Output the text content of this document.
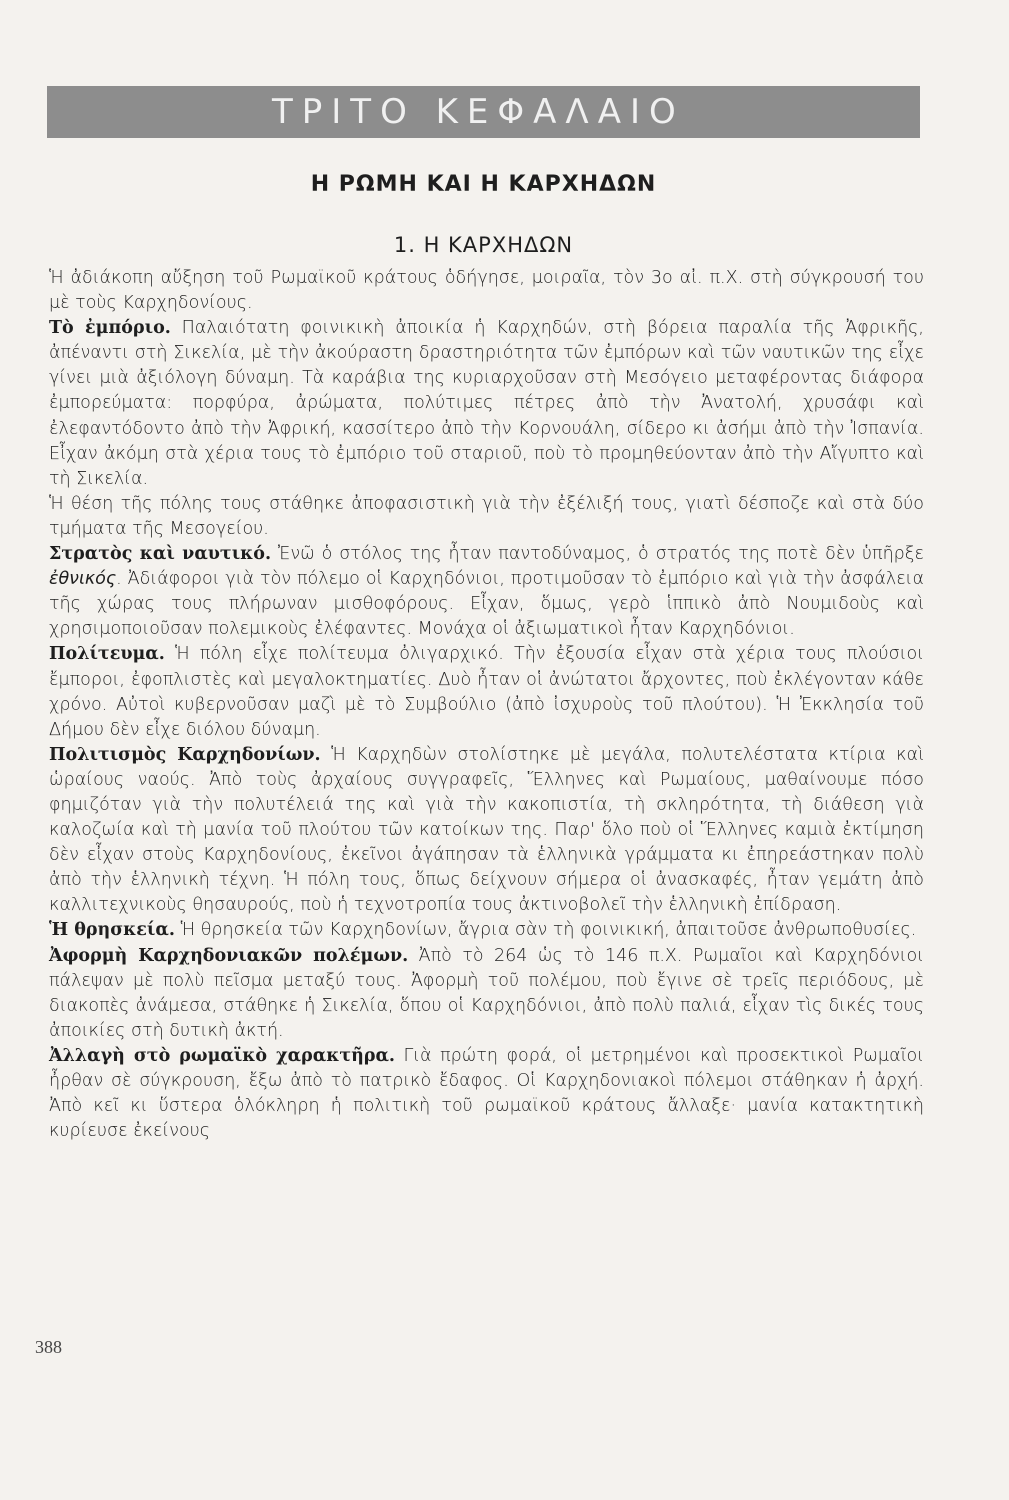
ΤΡΙΤΟ ΚΕΦΑΛΑΙΟ
Η ΡΩΜΗ ΚΑΙ Η ΚΑΡΧΗΔΩΝ
1. Η ΚΑΡΧΗΔΩΝ

Ἡ ἀδιάκοπη αὔξηση τοῦ Ρωμαϊκοῦ κράτους ὁδήγησε, μοιραῖα, τὸν 3ο αἰ. π.Χ. στὴ σύγκρουσή του μὲ τοὺς Καρχηδονίους.

Τὸ ἐμπόριο. Παλαιότατη φοινικικὴ ἀποικία ἡ Καρχηδών, στὴ βόρεια παραλία τῆς Ἀφρικῆς, ἀπέναντι στὴ Σικελία, μὲ τὴν ἀκούραστη δραστηριότητα τῶν ἐμπόρων καὶ τῶν ναυτικῶν της εἶχε γίνει μιὰ ἀξιόλογη δύναμη. Τὰ καράβια της κυριαρχοῦσαν στὴ Μεσόγειο μεταφέροντας διάφορα ἐμπορεύματα: πορφύρα, ἀρώματα, πολύτιμες πέτρες ἀπὸ τὴν Ἀνατολή, χρυσάφι καὶ ἐλεφαντόδοντο ἀπὸ τὴν Ἀφρική, κασσίτερο ἀπὸ τὴν Κορνουάλη, σίδερο κι ἀσήμι ἀπὸ τὴν Ἰσπανία. Εἶχαν ἀκόμη στὰ χέρια τους τὸ ἐμπόριο τοῦ σταριοῦ, ποὺ τὸ προμηθεύονταν ἀπὸ τὴν Αἴγυπτο καὶ τὴ Σικελία.

Ἡ θέση τῆς πόλης τους στάθηκε ἀποφασιστικὴ γιὰ τὴν ἐξέλιξή τους, γιατὶ δέσποζε καὶ στὰ δύο τμήματα τῆς Μεσογείου.

Στρατὸς καὶ ναυτικό. Ἐνῶ ὁ στόλος της ἦταν παντοδύναμος, ὁ στρατός της ποτὲ δὲν ὑπῆρξε ἐθνικός. Ἀδιάφοροι γιὰ τὸν πόλεμο οἱ Καρχηδόνιοι, προτιμοῦσαν τὸ ἐμπόριο καὶ γιὰ τὴν ἀσφάλεια τῆς χώρας τους πλήρωναν μισθοφόρους. Εἶχαν, ὅμως, γερὸ ἱππικὸ ἀπὸ Νουμιδοὺς καὶ χρησιμοποιοῦσαν πολεμικοὺς ἐλέφαντες. Μονάχα οἱ ἀξιωματικοὶ ἦταν Καρχηδόνιοι.

Πολίτευμα. Ἡ πόλη εἶχε πολίτευμα ὀλιγαρχικό. Τὴν ἐξουσία εἶχαν στὰ χέρια τους πλούσιοι ἔμποροι, ἐφοπλιστὲς καὶ μεγαλοκτηματίες. Δυὸ ἦταν οἱ ἀνώτατοι ἄρχοντες, ποὺ ἐκλέγονταν κάθε χρόνο. Αὐτοὶ κυβερνοῦσαν μαζὶ μὲ τὸ Συμβούλιο (ἀπὸ ἰσχυροὺς τοῦ πλούτου). Ἡ Ἐκκλησία τοῦ Δήμου δὲν εἶχε διόλου δύναμη.

Πολιτισμὸς Καρχηδονίων. Ἡ Καρχηδὼν στολίστηκε μὲ μεγάλα, πολυτελέστατα κτίρια καὶ ὡραίους ναούς. Ἀπὸ τοὺς ἀρχαίους συγγραφεῖς, Ἕλληνες καὶ Ρωμαίους, μαθαίνουμε πόσο φημιζόταν γιὰ τὴν πολυτέλειά της καὶ γιὰ τὴν κακοπιστία, τὴ σκληρότητα, τὴ διάθεση γιὰ καλοζωία καὶ τὴ μανία τοῦ πλούτου τῶν κατοίκων της. Παρ' ὅλο ποὺ οἱ Ἕλληνες καμιὰ ἐκτίμηση δὲν εἶχαν στοὺς Καρχηδονίους, ἐκεῖνοι ἀγάπησαν τὰ ἑλληνικὰ γράμματα κι ἐπηρεάστηκαν πολὺ ἀπὸ τὴν ἑλληνικὴ τέχνη. Ἡ πόλη τους, ὅπως δείχνουν σήμερα οἱ ἀνασκαφές, ἦταν γεμάτη ἀπὸ καλλιτεχνικοὺς θησαυρούς, ποὺ ἡ τεχνοτροπία τους ἀκτινοβολεῖ τὴν ἑλληνικὴ ἐπίδραση.

Ἡ θρησκεία. Ἡ θρησκεία τῶν Καρχηδονίων, ἄγρια σὰν τὴ φοινικική, ἀπαιτοῦσε ἀνθρωποθυσίες.

Ἀφορμὴ Καρχηδονιακῶν πολέμων. Ἀπὸ τὸ 264 ὡς τὸ 146 π.Χ. Ρωμαῖοι καὶ Καρχηδόνιοι πάλεψαν μὲ πολὺ πεῖσμα μεταξύ τους. Ἀφορμὴ τοῦ πολέμου, ποὺ ἔγινε σὲ τρεῖς περιόδους, μὲ διακοπὲς ἀνάμεσα, στάθηκε ἡ Σικελία, ὅπου οἱ Καρχηδόνιοι, ἀπὸ πολὺ παλιά, εἶχαν τὶς δικές τους ἀποικίες στὴ δυτικὴ ἀκτή.

Ἀλλαγὴ στὸ ρωμαϊκὸ χαρακτῆρα. Γιὰ πρώτη φορά, οἱ μετρημένοι καὶ προσεκτικοὶ Ρωμαῖοι ἦρθαν σὲ σύγκρουση, ἔξω ἀπὸ τὸ πατρικὸ ἔδαφος. Οἱ Καρχηδονιακοὶ πόλεμοι στάθηκαν ἡ ἀρχή. Ἀπὸ κεῖ κι ὕστερα ὁλόκληρη ἡ πολιτικὴ τοῦ ρωμαϊκοῦ κράτους ἄλλαξε· μανία κατακτητικὴ κυρίευσε ἐκείνους

388
